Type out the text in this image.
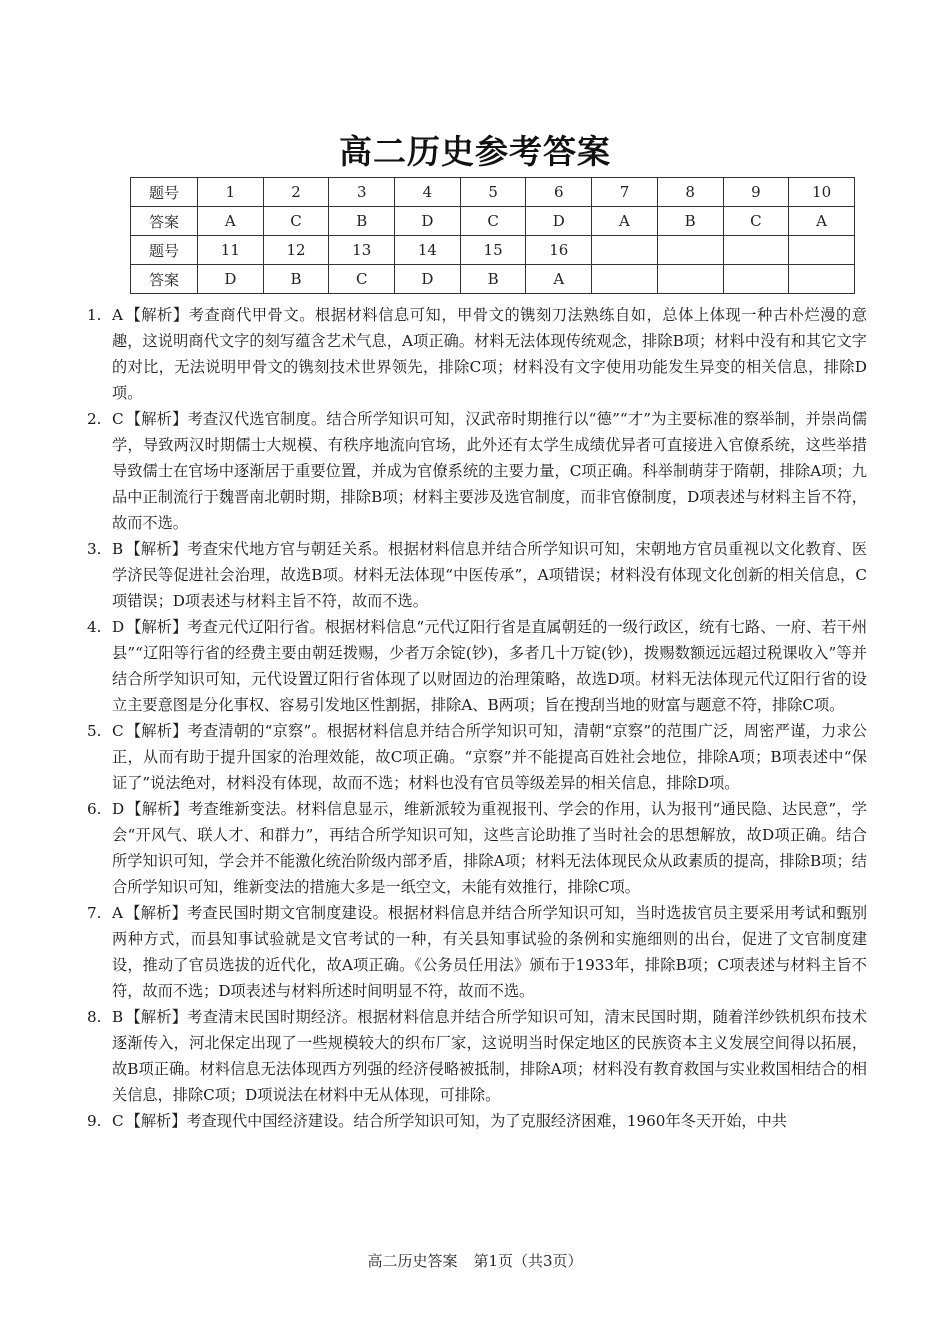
高二历史参考答案
题号	1	2	3	4	5	6	7	8	9	10
答案	A	C	B	D	C	D	A	B	C	A
题号	11	12	13	14	15	16				
答案	D	B	C	D	B	A				
1. A 【解析】考查商代甲骨文。根据材料信息可知，甲骨文的镌刻刀法熟练自如，总体上体现一种古朴烂漫的意趣，这说明商代文字的刻写蕴含艺术气息，A项正确。材料无法体现传统观念，排除B项；材料中没有和其它文字的对比，无法说明甲骨文的镌刻技术世界领先，排除C项；材料没有文字使用功能发生异变的相关信息，排除D项。
2. C 【解析】考查汉代选官制度。结合所学知识可知，汉武帝时期推行以“德”“才”为主要标准的察举制，并崇尚儒学，导致两汉时期儒士大规模、有秩序地流向官场，此外还有太学生成绩优异者可直接进入官僚系统，这些举措导致儒士在官场中逐渐居于重要位置，并成为官僚系统的主要力量，C项正确。科举制萌芽于隋朝，排除A项；九品中正制流行于魏晋南北朝时期，排除B项；材料主要涉及选官制度，而非官僚制度，D项表述与材料主旨不符，故而不选。
3. B 【解析】考查宋代地方官与朝廷关系。根据材料信息并结合所学知识可知，宋朝地方官员重视以文化教育、医学济民等促进社会治理，故选B项。材料无法体现“中医传承”，A项错误；材料没有体现文化创新的相关信息，C项错误；D项表述与材料主旨不符，故而不选。
4. D 【解析】考查元代辽阳行省。根据材料信息“元代辽阳行省是直属朝廷的一级行政区，统有七路、一府、若干州县”“辽阳等行省的经费主要由朝廷拨赐，少者万余锭(钞)，多者几十万锭(钞)，拨赐数额远远超过税课收入”等并结合所学知识可知，元代设置辽阳行省体现了以财固边的治理策略，故选D项。材料无法体现元代辽阳行省的设立主要意图是分化事权、容易引发地区性割据，排除A、B两项；旨在搜刮当地的财富与题意不符，排除C项。
5. C 【解析】考查清朝的“京察”。根据材料信息并结合所学知识可知，清朝“京察”的范围广泛，周密严谨，力求公正，从而有助于提升国家的治理效能，故C项正确。“京察”并不能提高百姓社会地位，排除A项；B项表述中“保证了”说法绝对，材料没有体现，故而不选；材料也没有官员等级差异的相关信息，排除D项。
6. D 【解析】考查维新变法。材料信息显示，维新派较为重视报刊、学会的作用，认为报刊“通民隐、达民意”，学会“开风气、联人才、和群力”，再结合所学知识可知，这些言论助推了当时社会的思想解放，故D项正确。结合所学知识可知，学会并不能激化统治阶级内部矛盾，排除A项；材料无法体现民众从政素质的提高，排除B项；结合所学知识可知，维新变法的措施大多是一纸空文，未能有效推行，排除C项。
7. A 【解析】考查民国时期文官制度建设。根据材料信息并结合所学知识可知，当时选拔官员主要采用考试和甄别两种方式，而县知事试验就是文官考试的一种，有关县知事试验的条例和实施细则的出台，促进了文官制度建设，推动了官员选拔的近代化，故A项正确。《公务员任用法》颁布于1933年，排除B项；C项表述与材料主旨不符，故而不选；D项表述与材料所述时间明显不符，故而不选。
8. B 【解析】考查清末民国时期经济。根据材料信息并结合所学知识可知，清末民国时期，随着洋纱铁机织布技术逐渐传入，河北保定出现了一些规模较大的织布厂家，这说明当时保定地区的民族资本主义发展空间得以拓展，故B项正确。材料信息无法体现西方列强的经济侵略被抵制，排除A项；材料没有教育救国与实业救国相结合的相关信息，排除C项；D项说法在材料中无从体现，可排除。
9. C 【解析】考查现代中国经济建设。结合所学知识可知，为了克服经济困难，1960年冬天开始，中共
高二历史答案 第1页（共3页）
